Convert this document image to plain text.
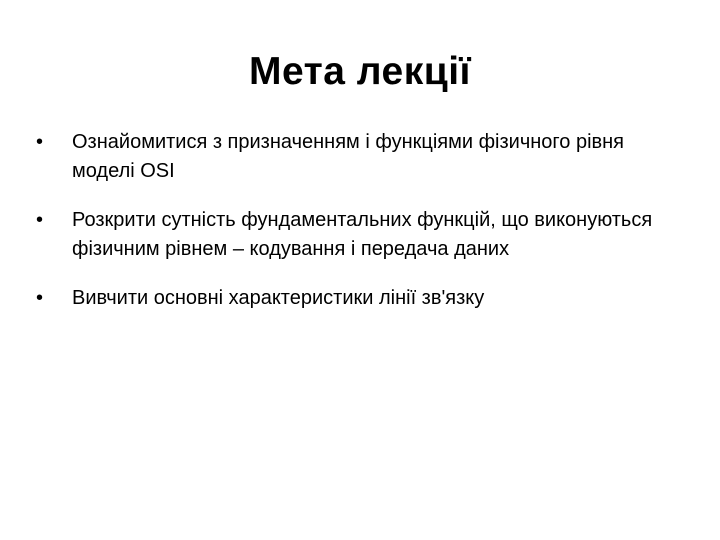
Мета лекції
•	Ознайомитися з призначенням і функціями фізичного рівня моделі OSI
•	Розкрити сутність фундаментальних функцій, що виконуються фізичним рівнем – кодування і передача даних
•	Вивчити основні характеристики лінії зв'язку
